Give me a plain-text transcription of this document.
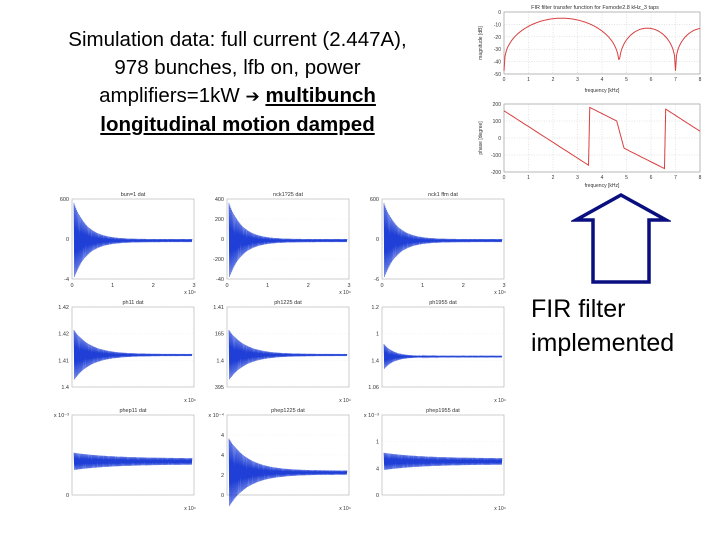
Simulation data: full current (2.447A),
978 bunches, lfb on, power
amplifiers=1kW ➔ multibunch
longitudinal motion damped
FIR filter transfer function for Fsmode2.8 kHz_3 taps
0	1	2	3	4	5	6	7	8
0
-10
-20
-30
-40
-50
magnitude [dB]
frequency [kHz]
0	1	2	3	4	5	6	7	8
200
100
0
-100
-200
phase [degree]
frequency [kHz]
FIR filter
implemented
bun=1 dat
600
0
-4
0	1	2	3
x 10⁴
nck1?25 dat
400
200
0
-200
-40
0	1	2	3
x 10⁴
nck1 ffm dat
600
0
-6
0	1	2	3
x 10⁴
ph11 dat
1.42
1.42
1.41
1.4
x 10⁴
ph1225 dat
1.41
165
1.4
395
x 10⁴
ph1955 dat
1.2
1
1.4
1.06
x 10⁴
phep11 dat
x 10⁻³
0
x 10⁴
phep1225 dat
x 10⁻⁴
4
4
2
0
x 10⁴
phep1955 dat
x 10⁻³
1
4
0
x 10⁴
